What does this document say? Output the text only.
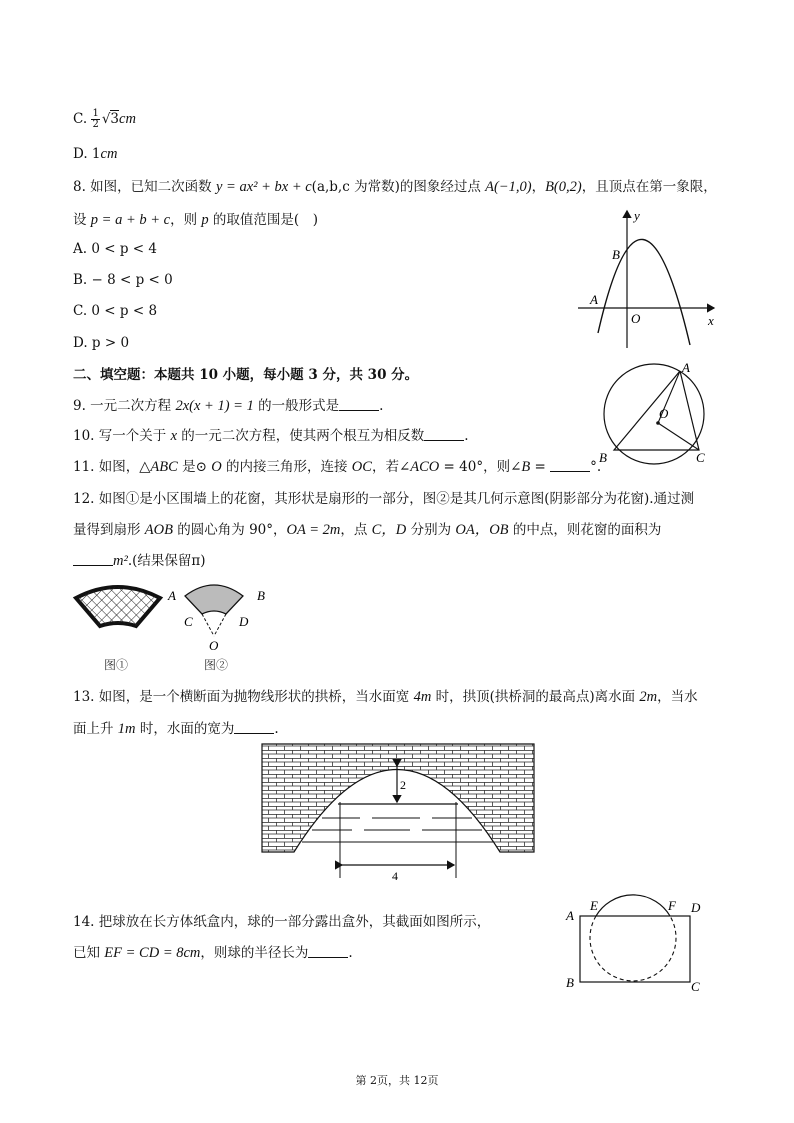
C. $\frac{1}{2} √3cm$
D. 1cm
8. 如图，已知二次函数 y = ax² + bx + c(a,b,c 为常数)的图象经过点 A(−1,0)，B(0,2)，且顶点在第一象限，
设 p = a + b + c，则 p 的取值范围是(　)
A. 0 < p < 4
B. − 8 < p < 0
C. 0 < p < 8
D. p > 0
y
B
A
O	x
二、填空题：本题共 10 小题，每小题 3 分，共 30 分。
9. 一元二次方程 2x(x + 1) = 1 的一般形式是	.
10. 写一个关于 x 的一元二次方程，使其两个根互为相反数	.
11. 如图，△ABC 是⊙ O 的内接三角形，连接 OC，若∠ACO = 40°，则∠B =	°.
A
O
B	C
12. 如图①是小区围墙上的花窗，其形状是扇形的一部分，图②是其几何示意图(阴影部分为花窗).通过测
量得到扇形 AOB 的圆心角为 90°，OA = 2m，点 C，D 分别为 OA，OB 的中点，则花窗的面积为
m².(结果保留π)
A	B
C	D
O
图①	图②
13. 如图，是一个横断面为抛物线形状的拱桥，当水面宽 4m 时，拱顶(拱桥洞的最高点)离水面 2m，当水
面上升 1m 时，水面的宽为	.
2
4
14. 把球放在长方体纸盒内，球的一部分露出盒外，其截面如图所示，
已知 EF = CD = 8cm，则球的半径长为	.
A
E	F D
B	C
第 2页，共 12页
